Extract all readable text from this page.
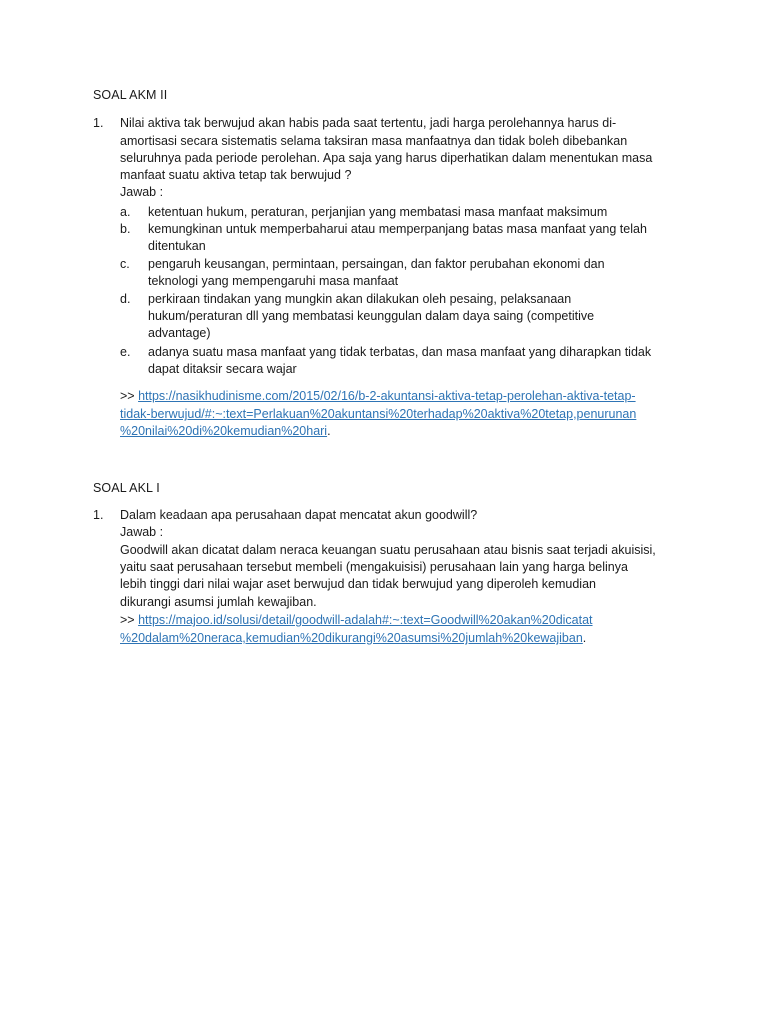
SOAL AKM II
1. Nilai aktiva tak berwujud akan habis pada saat tertentu, jadi harga perolehannya harus di-
amortisasi secara sistematis selama taksiran masa manfaatnya dan tidak boleh dibebankan
seluruhnya pada periode perolehan. Apa saja yang harus diperhatikan dalam menentukan masa
manfaat suatu aktiva tetap tak berwujud ?
Jawab :
a. ketentuan hukum, peraturan, perjanjian yang membatasi masa manfaat maksimum
b. kemungkinan untuk memperbaharui atau memperpanjang batas masa manfaat yang telah
ditentukan
c. pengaruh keusangan, permintaan, persaingan, dan faktor perubahan ekonomi dan
teknologi yang mempengaruhi masa manfaat
d. perkiraan tindakan yang mungkin akan dilakukan oleh pesaing, pelaksanaan
hukum/peraturan dll yang membatasi keunggulan dalam daya saing (competitive
advantage)
e. adanya suatu masa manfaat yang tidak terbatas, dan masa manfaat yang diharapkan tidak
dapat ditaksir secara wajar
>> https://nasikhudinisme.com/2015/02/16/b-2-akuntansi-aktiva-tetap-perolehan-aktiva-tetap-
tidak-berwujud/#:~:text=Perlakuan%20akuntansi%20terhadap%20aktiva%20tetap,penurunan
%20nilai%20di%20kemudian%20hari.
SOAL AKL I
1. Dalam keadaan apa perusahaan dapat mencatat akun goodwill?
Jawab :
Goodwill akan dicatat dalam neraca keuangan suatu perusahaan atau bisnis saat terjadi akuisisi,
yaitu saat perusahaan tersebut membeli (mengakuisisi) perusahaan lain yang harga belinya
lebih tinggi dari nilai wajar aset berwujud dan tidak berwujud yang diperoleh kemudian
dikurangi asumsi jumlah kewajiban.
>> https://majoo.id/solusi/detail/goodwill-adalah#:~:text=Goodwill%20akan%20dicatat
%20dalam%20neraca,kemudian%20dikurangi%20asumsi%20jumlah%20kewajiban.
